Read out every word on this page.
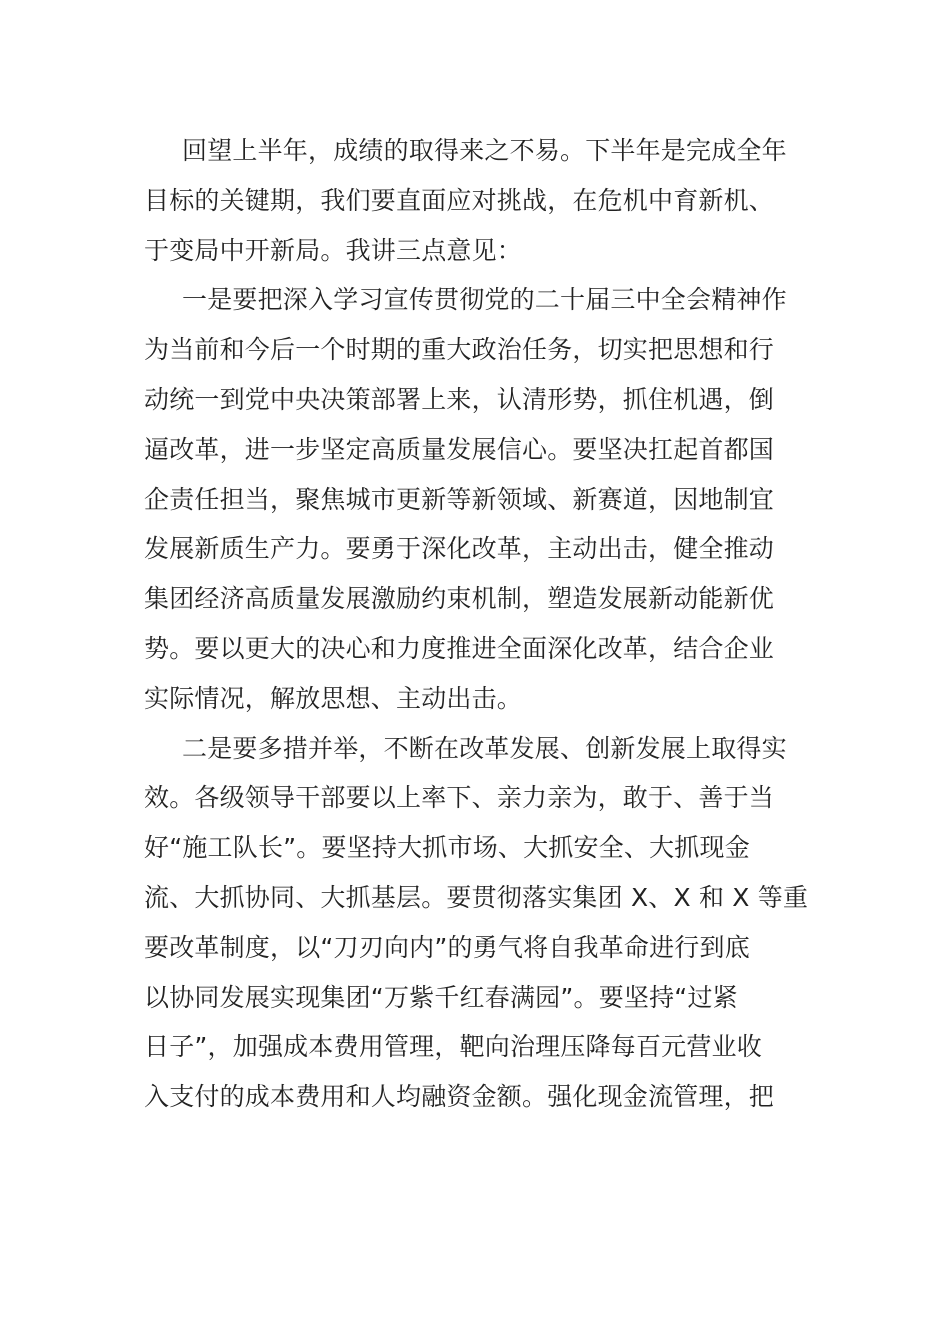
回望上半年，成绩的取得来之不易。下半年是完成全年
目标的关键期，我们要直面应对挑战，在危机中育新机、
于变局中开新局。我讲三点意见：

一是要把深入学习宣传贯彻党的二十届三中全会精神作
为当前和今后一个时期的重大政治任务，切实把思想和行
动统一到党中央决策部署上来，认清形势，抓住机遇，倒
逼改革，进一步坚定高质量发展信心。要坚决扛起首都国
企责任担当，聚焦城市更新等新领域、新赛道，因地制宜
发展新质生产力。要勇于深化改革，主动出击，健全推动
集团经济高质量发展激励约束机制，塑造发展新动能新优
势。要以更大的决心和力度推进全面深化改革，结合企业
实际情况，解放思想、主动出击。

二是要多措并举，不断在改革发展、创新发展上取得实
效。各级领导干部要以上率下、亲力亲为，敢于、善于当
好“施工队长”。要坚持大抓市场、大抓安全、大抓现金
流、大抓协同、大抓基层。要贯彻落实集团 X、X 和 X 等重
要改革制度，以“刀刃向内”的勇气将自我革命进行到底
以协同发展实现集团“万紫千红春满园”。要坚持“过紧
日子”，加强成本费用管理，靶向治理压降每百元营业收
入支付的成本费用和人均融资金额。强化现金流管理，把
